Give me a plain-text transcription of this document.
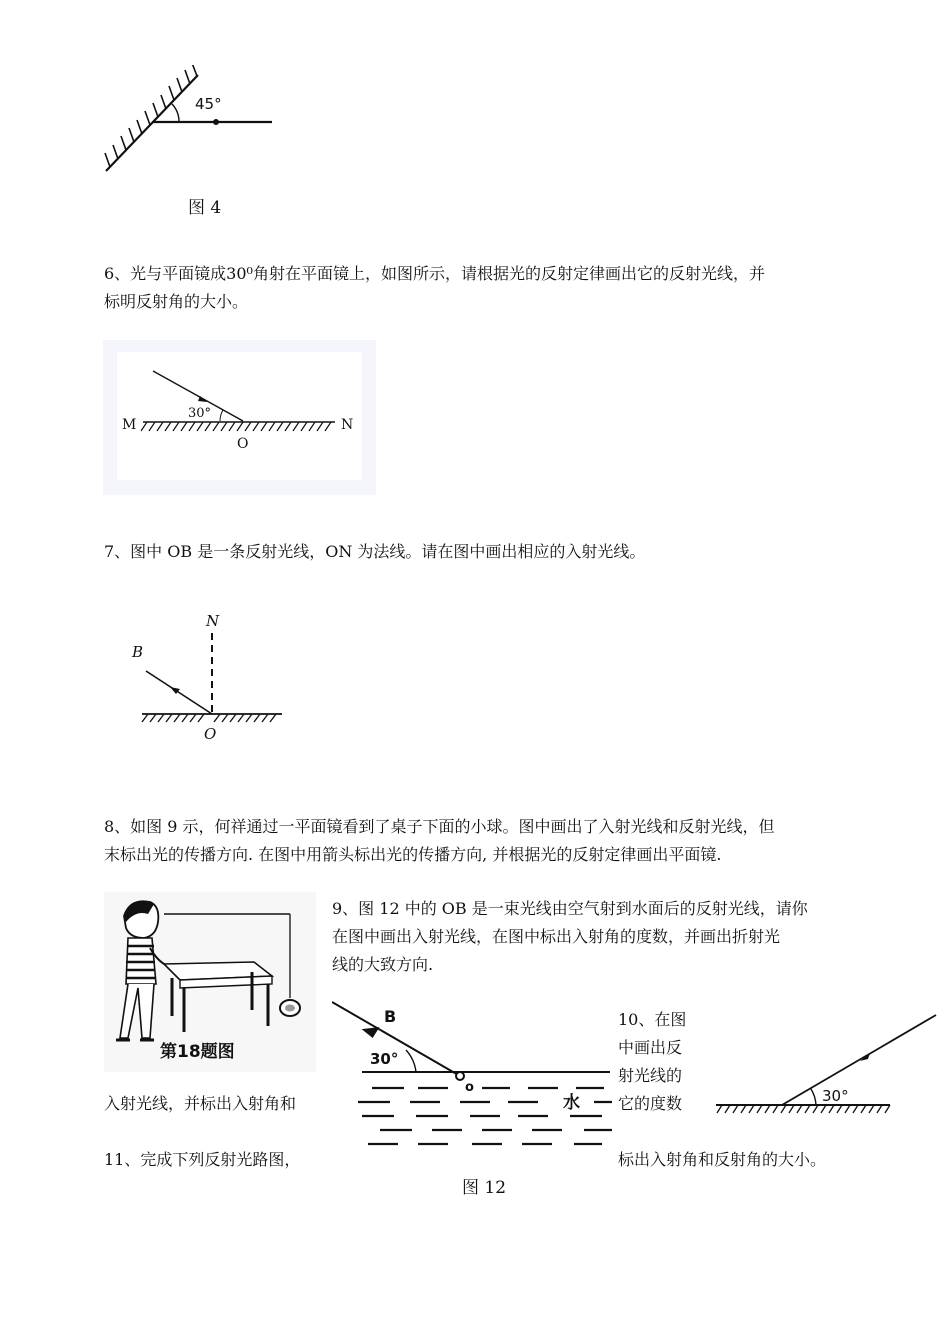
45°
图 4
6、光与平面镜成30⁰角射在平面镜上，如图所示，请根据光的反射定律画出它的反射光线，并
标明反射角的大小。
30°
M	N
O
7、图中 OB 是一条反射光线，ON 为法线。请在图中画出相应的入射光线。
N
B
O
8、如图 9 示，何祥通过一平面镜看到了桌子下面的小球。图中画出了入射光线和反射光线，但
末标出光的传播方向. 在图中用箭头标出光的传播方向, 并根据光的反射定律画出平面镜.
第18题图
9、图 12 中的 OB 是一束光线由空气射到水面后的反射光线，请你
在图中画出入射光线，在图中标出入射角的度数，并画出折射光
线的大致方向.
B
30°
o
水
图 12
10、在图
中画出反
射光线的
它的度数
标出入射角和反射角的大小。
30°
入射光线，并标出入射角和
11、完成下列反射光路图，
